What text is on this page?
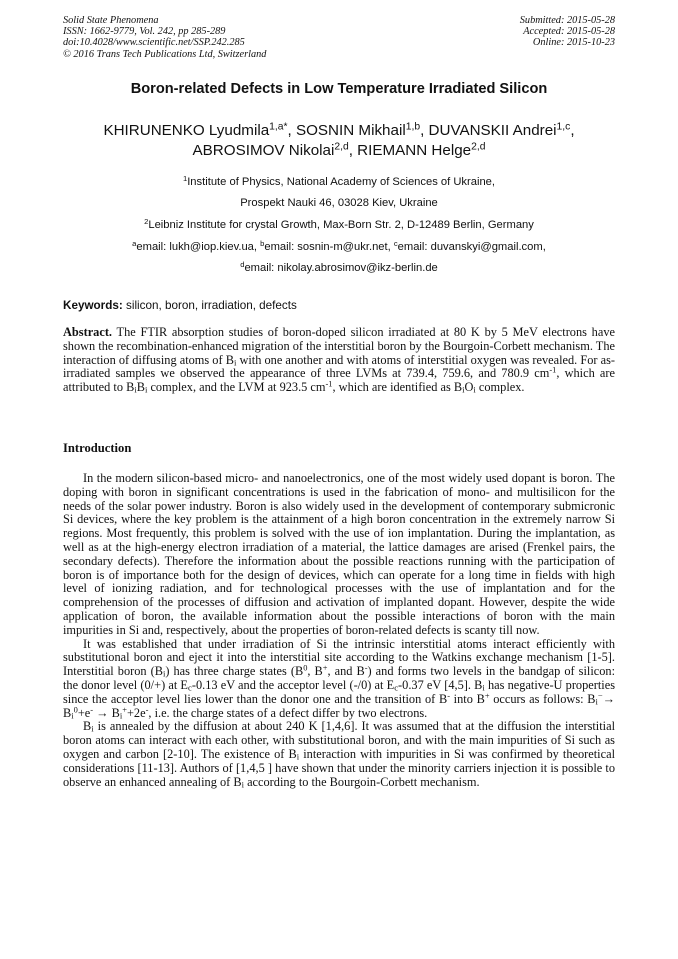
Solid State Phenomena
ISSN: 1662-9779, Vol. 242, pp 285-289
doi:10.4028/www.scientific.net/SSP.242.285
© 2016 Trans Tech Publications Ltd, Switzerland
Submitted: 2015-05-28
Accepted: 2015-05-28
Online: 2015-10-23
Boron-related Defects in Low Temperature Irradiated Silicon
KHIRUNENKO Lyudmila$^{1,a*}$, SOSNIN Mikhail$^{1,b}$, DUVANSKII Andrei$^{1,c}$,
ABROSIMOV Nikolai$^{2,d}$, RIEMANN Helge$^{2,d}$
$^1$Institute of Physics, National Academy of Sciences of Ukraine,
Prospekt Nauki 46, 03028 Kiev, Ukraine
$^2$Leibniz Institute for crystal Growth, Max-Born Str. 2, D-12489 Berlin, Germany
$^a$email: lukh@iop.kiev.ua, $^b$email: sosnin-m@ukr.net, $^c$email: duvanskyi@gmail.com,
$^d$email: nikolay.abrosimov@ikz-berlin.de
Keywords: silicon, boron, irradiation, defects

Abstract. The FTIR absorption studies of boron-doped silicon irradiated at 80 K by 5 MeV electrons have shown the recombination-enhanced migration of the interstitial boron by the Bourgoin-Corbett mechanism. The interaction of diffusing atoms of $B_i$ with one another and with atoms of interstitial oxygen was revealed. For as-irradiated samples we observed the appearance of three LVMs at 739.4, 759.6, and 780.9 $cm^{-1}$, which are attributed to $B_iB_i$ complex, and the LVM at 923.5 $cm^{-1}$, which are identified as $B_iO_i$ complex.

Introduction

In the modern silicon-based micro- and nanoelectronics, one of the most widely used dopant is boron. The doping with boron in significant concentrations is used in the fabrication of mono- and multisilicon for the needs of the solar power industry. Boron is also widely used in the development of contemporary submicronic Si devices, where the key problem is the attainment of a high boron concentration in the extremely narrow Si regions. Most frequently, this problem is solved with the use of ion implantation. During the implantation, as well as at the high-energy electron irradiation of a material, the lattice damages are arised (Frenkel pairs, the secondary defects). Therefore the information about the possible reactions running with the participation of boron is of importance both for the design of devices, which can operate for a long time in fields with high level of ionizing radiation, and for technological processes with the use of implantation and for the comprehension of the processes of diffusion and activation of implanted dopant. However, despite the wide application of boron, the available information about the possible interactions of boron with the main impurities in Si and, respectively, about the properties of boron-related defects is scanty till now.

It was established that under irradiation of Si the intrinsic interstitial atoms interact efficiently with substitutional boron and eject it into the interstitial site according to the Watkins exchange mechanism [1-5]. Interstitial boron $(B_i)$ has three charge states ($B^0$, B+, and B-) and forms two levels in the bandgap of silicon: the donor level (0/+) at $E_c-0.13$ eV and the acceptor level (-/0) at $E_c-0.37$ eV [4,5]. $B_i$ has negative-U properties since the acceptor level lies lower than the donor one and the transition of B- into B+ occurs as follows: $B_i^-\to B_i^0+e^- \to B_i^++2e^-$, i.e. the charge states of a defect differ by two electrons.

$B_i$ is annealed by the diffusion at about 240 K [1,4,6]. It was assumed that at the diffusion the interstitial boron atoms can interact with each other, with substitutional boron, and with the main impurities of Si such as oxygen and carbon [2-10]. The existence of $B_i$ interaction with impurities in Si was confirmed by theoretical considerations [11-13]. Authors of [1,4,5 ] have shown that under the minority carriers injection it is possible to observe an enhanced annealing of $B_i$ according to the Bourgoin-Corbett mechanism.
